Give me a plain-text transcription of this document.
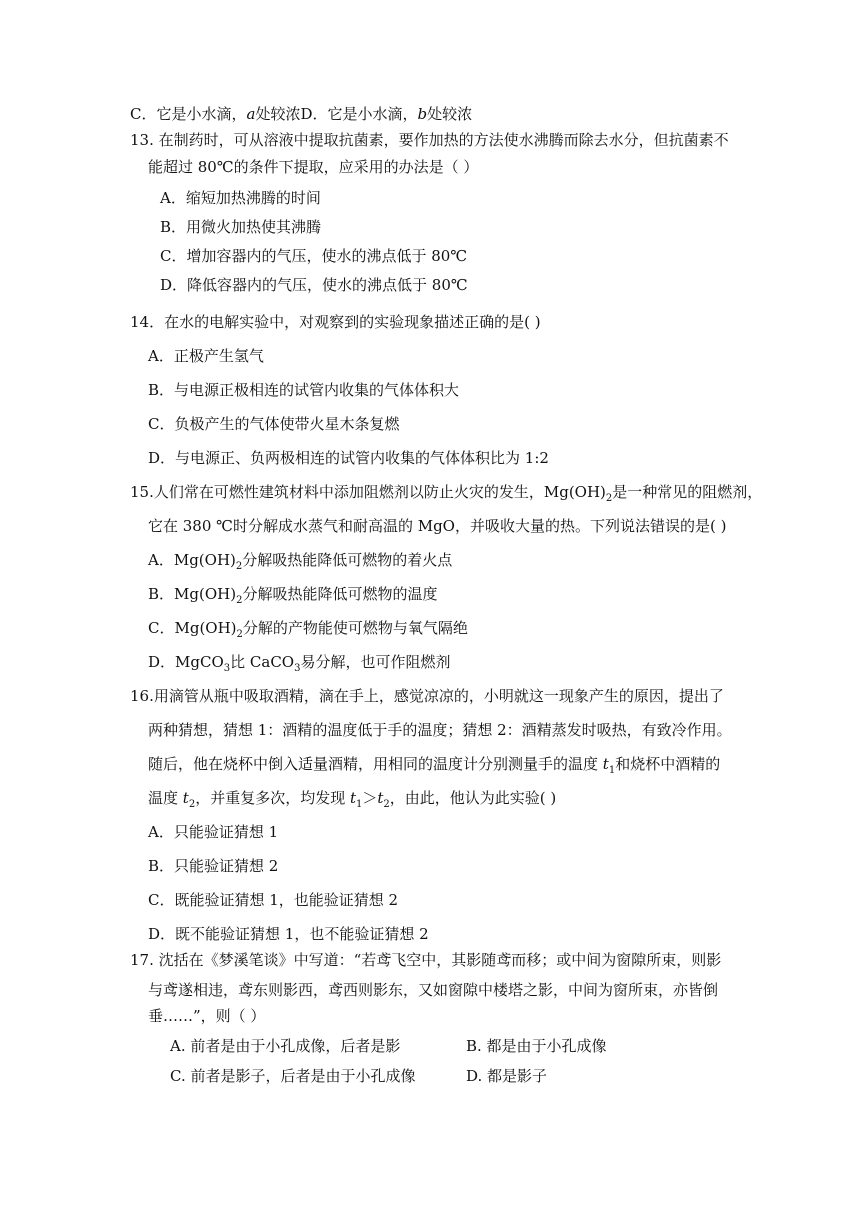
C．它是小水滴，a处较浓D．它是小水滴，b处较浓
13. 在制药时，可从溶液中提取抗菌素，要作加热的方法使水沸腾而除去水分，但抗菌素不
能超过 80℃的条件下提取，应采用的办法是（ ）
A．缩短加热沸腾的时间
B．用微火加热使其沸腾
C．增加容器内的气压，使水的沸点低于 80℃
D．降低容器内的气压，使水的沸点低于 80℃
14．在水的电解实验中，对观察到的实验现象描述正确的是( )
A．正极产生氢气
B．与电源正极相连的试管内收集的气体体积大
C．负极产生的气体使带火星木条复燃
D．与电源正、负两极相连的试管内收集的气体体积比为 1:2
15.人们常在可燃性建筑材料中添加阻燃剂以防止火灾的发生，$Mg(OH)_2$是一种常见的阻燃剂，
它在 380 ℃时分解成水蒸气和耐高温的 MgO，并吸收大量的热。下列说法错误的是( )
A．$Mg(OH)_2$分解吸热能降低可燃物的着火点
B．$Mg(OH)_2$分解吸热能降低可燃物的温度
C．$Mg(OH)_2$分解的产物能使可燃物与氧气隔绝
D．MgCO$_3$比 CaCO$_3$易分解，也可作阻燃剂
16.用滴管从瓶中吸取酒精，滴在手上，感觉凉凉的，小明就这一现象产生的原因，提出了
两种猜想，猜想 1：酒精的温度低于手的温度；猜想 2：酒精蒸发时吸热，有致冷作用。
随后，他在烧杯中倒入适量酒精，用相同的温度计分别测量手的温度 $t_1$和烧杯中酒精的
温度 $t_2$，并重复多次，均发现 $t_1>t_2$，由此，他认为此实验( )
A．只能验证猜想 1
B．只能验证猜想 2
C．既能验证猜想 1，也能验证猜想 2
D．既不能验证猜想 1，也不能验证猜想 2
17. 沈括在《梦溪笔谈》中写道：“若鸢飞空中，其影随鸢而移；或中间为窗隙所束，则影
与鸢遂相违，鸢东则影西，鸢西则影东，又如窗隙中楼塔之影，中间为窗所束，亦皆倒
垂……”，则（ ）
A. 前者是由于小孔成像，后者是影	B. 都是由于小孔成像
C. 前者是影子，后者是由于小孔成像	D. 都是影子
